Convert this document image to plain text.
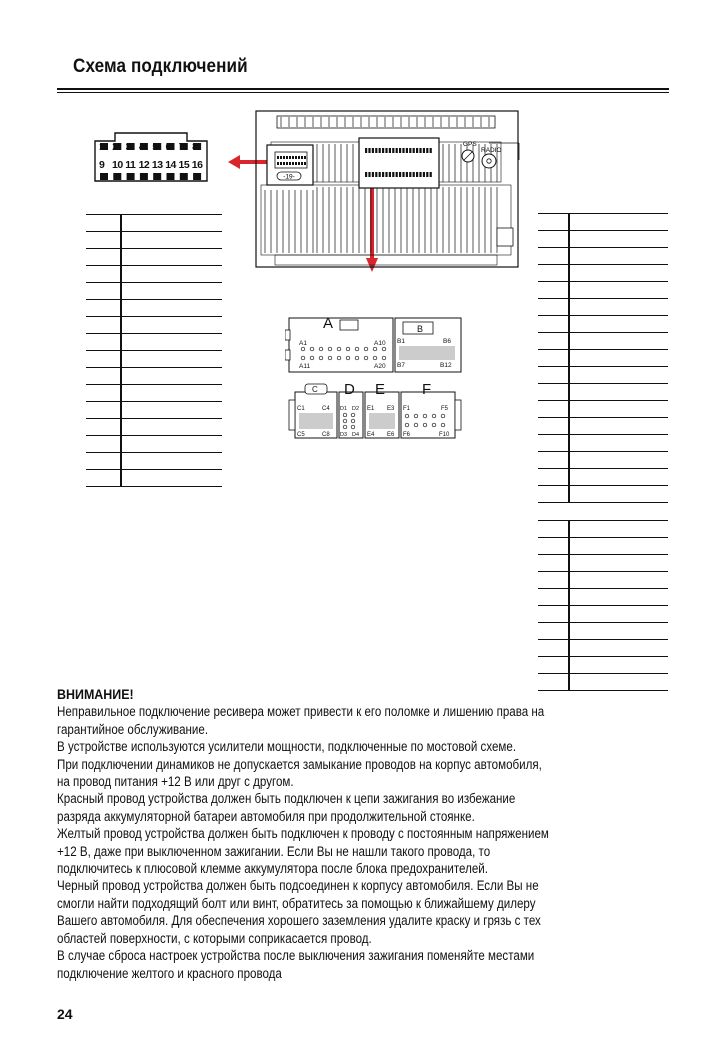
Схема подключений
1 2 3 4 5 6 7 8
9 10 11 12 13 14 15 16
-19-
GPS
RADIO
A
A1	A10
A11	A20
B
B1	B6
B7	B12
C
C1	C4
C5	C8
D
D1 D2
D3 D4
E
E1 E3
E4 E6
F
F1	F5
F6	F10

ВНИМАНИЕ!
Неправильное подключение ресивера может привести к его поломке и лишению права на
гарантийное обслуживание.
В устройстве используются усилители мощности, подключенные по мостовой схеме.
При подключении динамиков не допускается замыкание проводов на корпус автомобиля,
на провод питания +12 В или друг с другом.
Красный провод устройства должен быть подключен к цепи зажигания во избежание
разряда аккумуляторной батареи автомобиля при продолжительной стоянке.
Желтый провод устройства должен быть подключен к проводу с постоянным напряжением
+12 В, даже при выключенном зажигании. Если Вы не нашли такого провода, то
подключитесь к плюсовой клемме аккумулятора после блока предохранителей.
Черный провод устройства должен быть подсоединен к корпусу автомобиля. Если Вы не
смогли найти подходящий болт или винт, обратитесь за помощью к ближайшему дилеру
Вашего автомобиля. Для обеспечения хорошего заземления удалите краску и грязь с тех
областей поверхности, с которыми соприкасается провод.
В случае сброса настроек устройства после выключения зажигания поменяйте местами
подключение желтого и красного провода
24
